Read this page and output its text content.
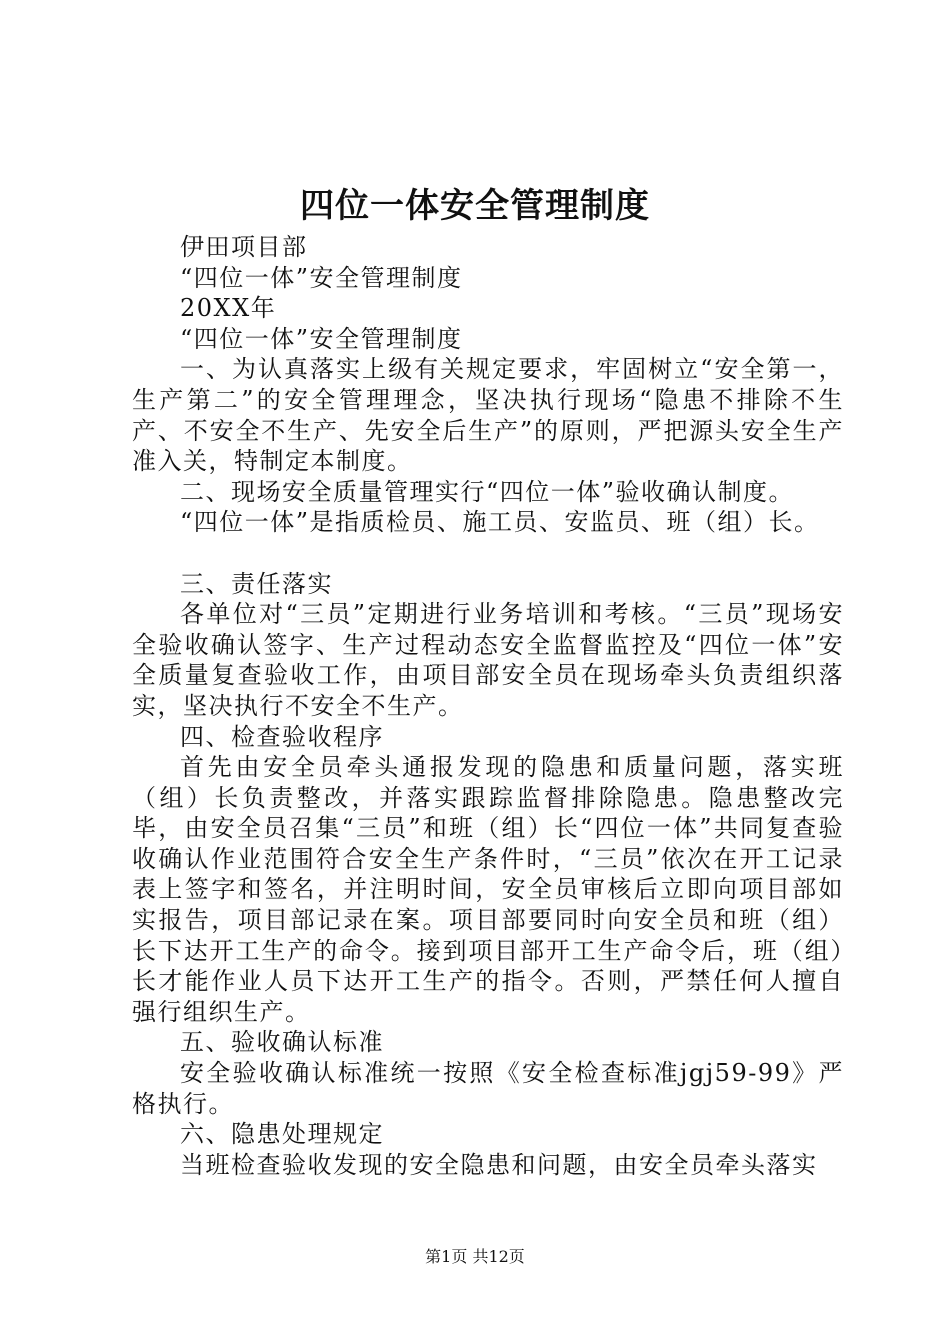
四位一体安全管理制度

伊田项目部

“四位一体”安全管理制度

20XX年

“四位一体”安全管理制度

一、为认真落实上级有关规定要求，牢固树立“安全第一，生产第二”的安全管理理念，坚决执行现场“隐患不排除不生产、不安全不生产、先安全后生产”的原则，严把源头安全生产准入关，特制定本制度。

二、现场安全质量管理实行“四位一体”验收确认制度。

“四位一体”是指质检员、施工员、安监员、班（组）长。

三、责任落实

各单位对“三员”定期进行业务培训和考核。“三员”现场安全验收确认签字、生产过程动态安全监督监控及“四位一体”安全质量复查验收工作，由项目部安全员在现场牵头负责组织落实，坚决执行不安全不生产。

四、检查验收程序

首先由安全员牵头通报发现的隐患和质量问题，落实班（组）长负责整改，并落实跟踪监督排除隐患。隐患整改完毕，由安全员召集“三员”和班（组）长“四位一体”共同复查验收确认作业范围符合安全生产条件时，“三员”依次在开工记录表上签字和签名，并注明时间，安全员审核后立即向项目部如实报告，项目部记录在案。项目部要同时向安全员和班（组）长下达开工生产的命令。接到项目部开工生产命令后，班（组）长才能作业人员下达开工生产的指令。否则，严禁任何人擅自强行组织生产。

五、验收确认标准

安全验收确认标准统一按照《安全检查标准jgj59-99》严格执行。

六、隐患处理规定

当班检查验收发现的安全隐患和问题，由安全员牵头落实

第1页 共12页
